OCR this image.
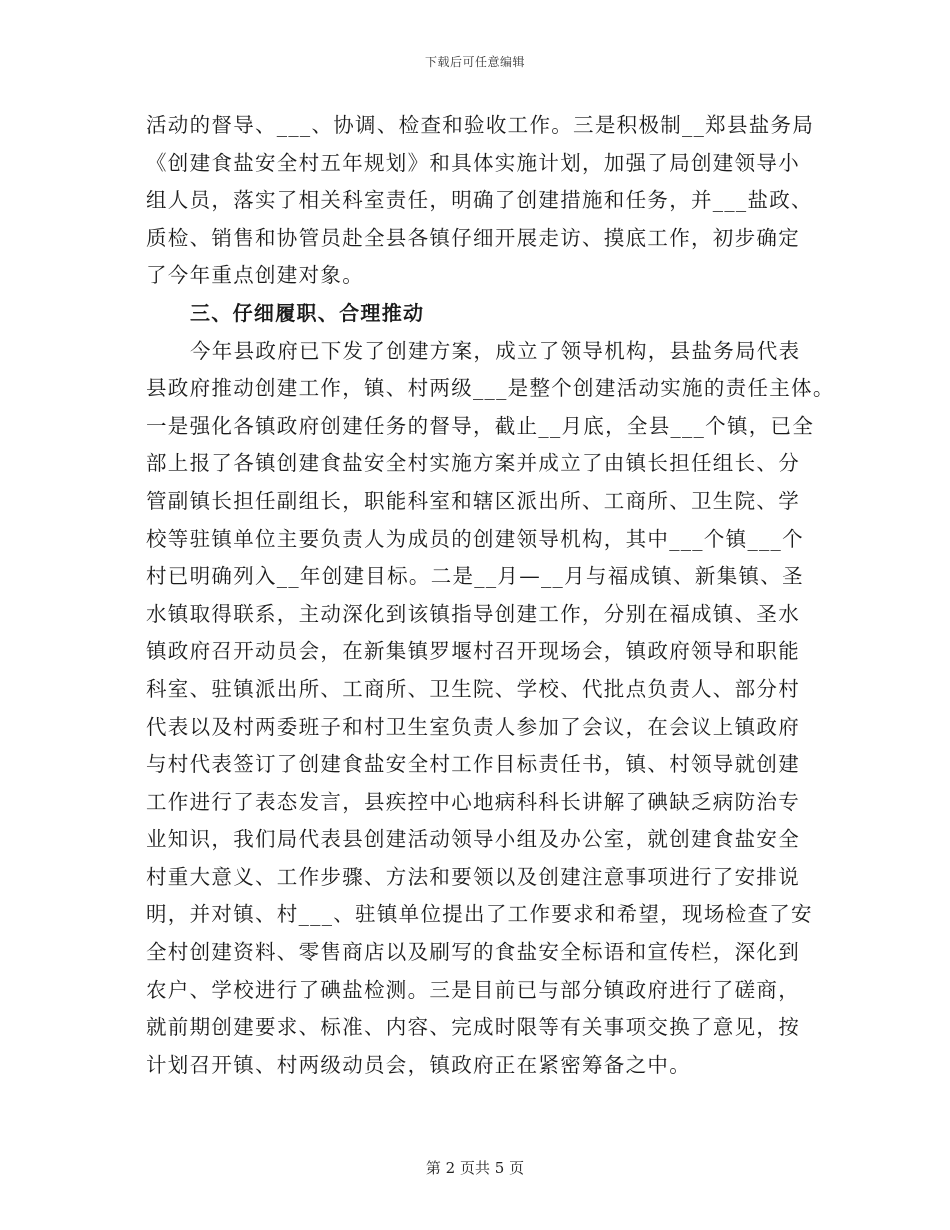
下载后可任意编辑
活动的督导、___、协调、检查和验收工作。三是积极制__郑县盐务局
《创建食盐安全村五年规划》和具体实施计划，加强了局创建领导小
组人员，落实了相关科室责任，明确了创建措施和任务，并___盐政、
质检、销售和协管员赴全县各镇仔细开展走访、摸底工作，初步确定
了今年重点创建对象。
三、仔细履职、合理推动
今年县政府已下发了创建方案，成立了领导机构，县盐务局代表
县政府推动创建工作，镇、村两级___是整个创建活动实施的责任主体。
一是强化各镇政府创建任务的督导，截止__月底，全县___个镇，已全
部上报了各镇创建食盐安全村实施方案并成立了由镇长担任组长、分
管副镇长担任副组长，职能科室和辖区派出所、工商所、卫生院、学
校等驻镇单位主要负责人为成员的创建领导机构，其中___个镇___个
村已明确列入__年创建目标。二是__月—__月与福成镇、新集镇、圣
水镇取得联系，主动深化到该镇指导创建工作，分别在福成镇、圣水
镇政府召开动员会，在新集镇罗堰村召开现场会，镇政府领导和职能
科室、驻镇派出所、工商所、卫生院、学校、代批点负责人、部分村
代表以及村两委班子和村卫生室负责人参加了会议，在会议上镇政府
与村代表签订了创建食盐安全村工作目标责任书，镇、村领导就创建
工作进行了表态发言，县疾控中心地病科科长讲解了碘缺乏病防治专
业知识，我们局代表县创建活动领导小组及办公室，就创建食盐安全
村重大意义、工作步骤、方法和要领以及创建注意事项进行了安排说
明，并对镇、村___、驻镇单位提出了工作要求和希望，现场检查了安
全村创建资料、零售商店以及刷写的食盐安全标语和宣传栏，深化到
农户、学校进行了碘盐检测。三是目前已与部分镇政府进行了磋商，
就前期创建要求、标准、内容、完成时限等有关事项交换了意见，按
计划召开镇、村两级动员会，镇政府正在紧密筹备之中。
第 2 页共 5 页
